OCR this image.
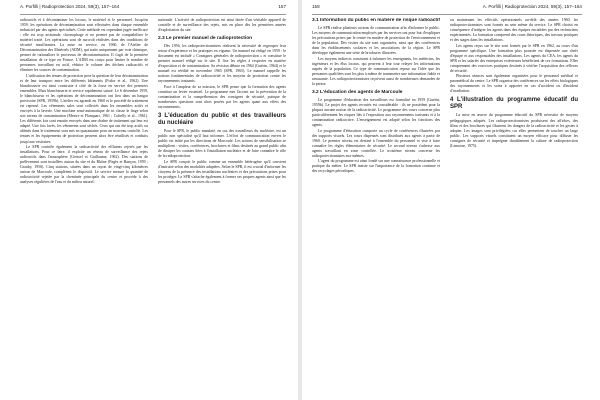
A. Porfilli | Radioprotection 2024, 59(3), 157–164	157

radioactifs et à décontaminer les locaux, le matériel et le personnel. Jusqu'en 1959, les opérations de décontamination sont effectuées dans chaque ensemble industriel par des agents spécialisés. Cette méthode est cependant jugée inefficace : elle est trop artisanale, chronophage et ne permet pas de comptabiliser le matériel traité. Les opérations sont de surcroît réalisées dans des conditions de sécurité insuffisantes. La mise en service, en 1960, de l'Atelier de Décontamination des Matériels (ADM), qui traite uniquement par voie chimique, permet de rationaliser le processus de décontamination. Il s'agit de la première installation de ce type en France. L'ADM est conçu pour limiter le nombre de personnes travaillant en actif, réduire le volume des déchets radioactifs et éliminer les sources de contamination.

L'utilisation des tenues de protection pose la question de leur décontamination et de leur transport entre les différents bâtiments (Fodor et al., 1962). Une blanchisserie est ainsi construite à côté de la fosse en service des premiers ensembles. Mais blanchisserie et service rapidement saturé. Le 6 décembre 1959, le blanchisseur et les opérations de décontamination ont lieu dans un hangar provisoire (SPR, 1959b). L'atelier est agrandi en 1960 et le procédé de traitement est repensé. Les vêtements sales sont collectés dans les ensembles actifs et envoyés à la laverie. Une machine semi-automatique de tri classe le linge selon son niveau de contamination (Mestre et Flanquart, 1961 ; Coltelly et al., 1961). Les différents lots sont ensuite envoyés dans une chaîne de traitement qui leur est adapté. Une fois lavés, les vêtements sont séchés. Ceux qui ont été trop actifs ou abîmés dans le traitement sont mis en quarantaine pour un nouveau contrôle. Les tenues et les équipements de protection peuvent alors être réutilisés et conduits jusqu'aux vestiaires.

Le SPR contrôle également la radioactivité des effluents rejetés par les installations. Pour ce faire, il exploite un réseau de surveillance des rejets radioactifs dans l'atmosphère (Geissel et Guillaume, 1962). Des stations de prélèvement sont installées autour du site et du Rhône (Pagès et Rançon, 1959 ; Grauby, 1956). Cinq stations, situées dans un rayon de vingt-cinq kilomètres autour de Marcoule, complètent le dispositif. Le service mesure la quantité de radioactivité rejetée par la cheminée principale du centre et procède à des analyses régulières de l'eau et du milieu naturel.

nationale. L'activité de radioprotection est ainsi dotée d'un véritable appareil de contrôle et de surveillance des rejets, mis en place dès les premières années d'exploitation du site.

2.3 Le premier manuel de radioprotection

Dès 1956, les radioprotectionnistes réalisent la nécessité de regrouper leur retour d'expérience et les pratiques en vigueur. Un manuel est rédigé en 1959 : le document est intitulé « Consignes générales de radioprotection » et constitue le premier manuel rédigé sur le site. Il fixe les règles à respecter en matière d'exposition et de contamination. Sa révision débute en 1964 (Guérin, 1964) et le manuel est réédité en novembre 1965 (SPR, 1965). Le manuel rappelle les notions fondamentales de radioactivité et les moyens de protection contre les rayonnements ionisants.

Face à l'ampleur de sa mission, le SPR pense que la formation des agents constitue un levier essentiel. Le programme met l'accent sur la prévention de la contamination et la compréhension des consignes de sécurité, puisque de nombreuses questions sont alors posées par les agents quant aux effets des rayonnements.

3 L'éducation du public et des travailleurs du nucléaire

Pour le SPR, le public mandaté, en sus des travailleurs du nucléaire, est un public non spécialisé qu'il faut informer. L'effort de communication envers le public est initié par les directions de Marcoule. Les actions de sensibilisation se multiplient : visites, conférences, brochures et films destinés au grand public afin de dissiper les craintes liées à l'installation nucléaire et de faire connaître le rôle de la radioprotection.

Le SPR conçoit le public comme un ensemble hétérogène qu'il convient d'instruire selon des modalités adaptées. Selon le SPR, il est crucial d'informer les citoyens de la présence des installations nucléaires et des précautions prises pour les protéger. Le SPR s'attache également à former ses propres agents ainsi que les personnels des autres services du centre.

158	A. Porfilli | Radioprotection 2024, 59(3), 157–164
3.1 Information du public en matière de risque radioactif

Le SPR réalise plusieurs actions de communication afin d'informer le public. Les moyens de communication employés par les services ont pour but d'expliquer les précautions prises par le centre en matière de protection de l'environnement et de la population. Des visites du site sont organisées, ainsi que des conférences dans les établissements scolaires et les associations de la région. Le SPR développe également une série de brochures illustrées.

Les moyens indirects consistent à informer les enseignants, les médecins, les ingénieurs et les élus locaux, qui peuvent à leur tour relayer les informations auprès de la population. Ce type de communication repose sur l'idée que les personnes qualifiées sont les plus à même de transmettre une information fiable et rassurante. Les radioprotectionnistes reçoivent aussi de nombreuses demandes de la presse.

3.2 L'éducation des agents de Marcoule

Le programme d'éducation des travailleurs est formalisé en 1959 (Guérin, 1959b). Le projet des agents recrutés est considérable : ils ne possèdent pour la plupart aucune notion de la radioactivité. Le programme des cours concerne plus particulièrement les risques liés à l'exposition aux rayonnements ionisants et à la contamination radioactive. L'enseignement est adapté selon les fonctions des agents.

Le programme d'éducation comporte un cycle de conférences illustrées par des supports visuels. Les cours dispensés sont distribués aux agents à partir de 1960. Le premier niveau est destiné à l'ensemble du personnel et vise à faire connaître les règles élémentaires de sécurité. Le second niveau s'adresse aux agents travaillant en zone contrôlée. Le troisième niveau concerne les radioprotectionnistes eux-mêmes.

L'agent du programme est ainsi fondé sur une connaissance professionnelle et pratique du métier. Le SPR insiste sur l'importance de la formation continue et des recyclages périodiques.

ou maintenant les effectifs opérationnels au-delà des années 1960, les radioprotectionnistes sont formés au sein même du service. Le SPR choisit en conséquence d'intégrer les agents dans des équipes encadrées par des techniciens expérimentés. La formation comprend des cours théoriques, des travaux pratiques et des stages dans les installations.

Les agents reçus sur le site sont formés par le SPR en 1962, au cours d'un programme spécifique. Une formation plus poussée est dispensée aux chefs d'équipe et aux responsables des installations. Les agents du CEA, les agents du SPR et les salariés des entreprises extérieures bénéficient de ces formations. Elles comprennent des exercices pratiques destinés à vérifier l'acquisition des réflexes de sécurité.

Plusieurs séances sont également organisées pour le personnel médical et paramédical du centre. Le SPR organise des conférences sur les effets biologiques des rayonnements et les soins à apporter en cas d'accident ou d'incident d'irradiation.

4 L'illustration du programme éducatif du SPR

La mise en œuvre du programme éducatif du SPR nécessite de moyens pédagogiques adaptés. Les radioprotectionnistes produisent des affiches, des films et des brochures qui illustrent les dangers de la radioactivité et les gestes à adopter. Les images sont privilégiées car elles permettent de toucher un large public. Les supports visuels constituent un moyen efficace pour diffuser les consignes de sécurité et imprégner durablement la culture de radioprotection (Lemoine, 1975).
